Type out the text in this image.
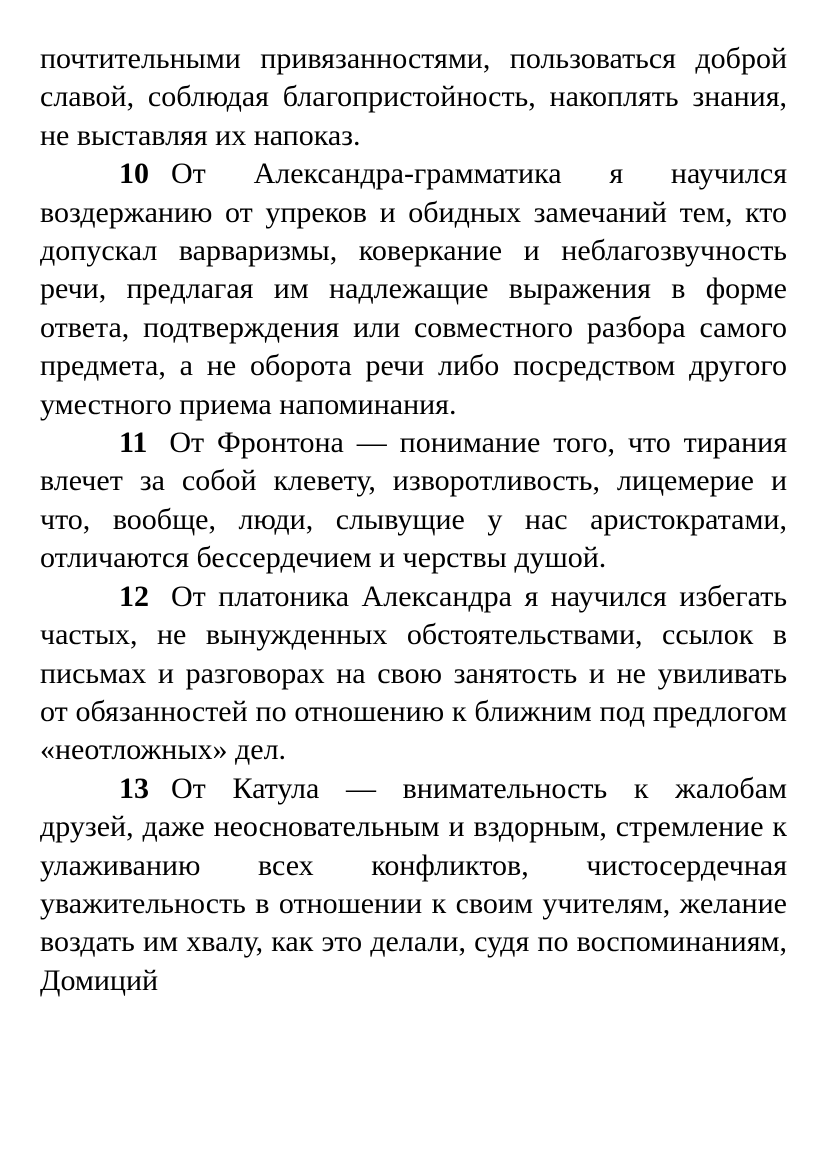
почтительными привязанностями, пользоваться доброй славой, соблюдая благопристойность, накоплять знания, не выставляя их напоказ.

10 От Александра-грамматика я научился воздержанию от упреков и обидных замечаний тем, кто допускал варваризмы, коверкание и неблагозвучность речи, предлагая им надлежащие выражения в форме ответа, подтверждения или совместного разбора самого предмета, а не оборота речи либо посредством другого уместного приема напоминания.

11 От Фронтона — понимание того, что тирания влечет за собой клевету, изворотливость, лицемерие и что, вообще, люди, слывущие у нас аристократами, отличаются бессердечием и черствы душой.

12 От платоника Александра я научился избегать частых, не вынужденных обстоятельствами, ссылок в письмах и разговорах на свою занятость и не увиливать от обязанностей по отношению к ближним под предлогом «неотложных» дел.

13 От Катула — внимательность к жалобам друзей, даже неосновательным и вздорным, стремление к улаживанию всех конфликтов, чистосердечная уважительность в отношении к своим учителям, желание воздать им хвалу, как это делали, судя по воспоминаниям, Домиций
